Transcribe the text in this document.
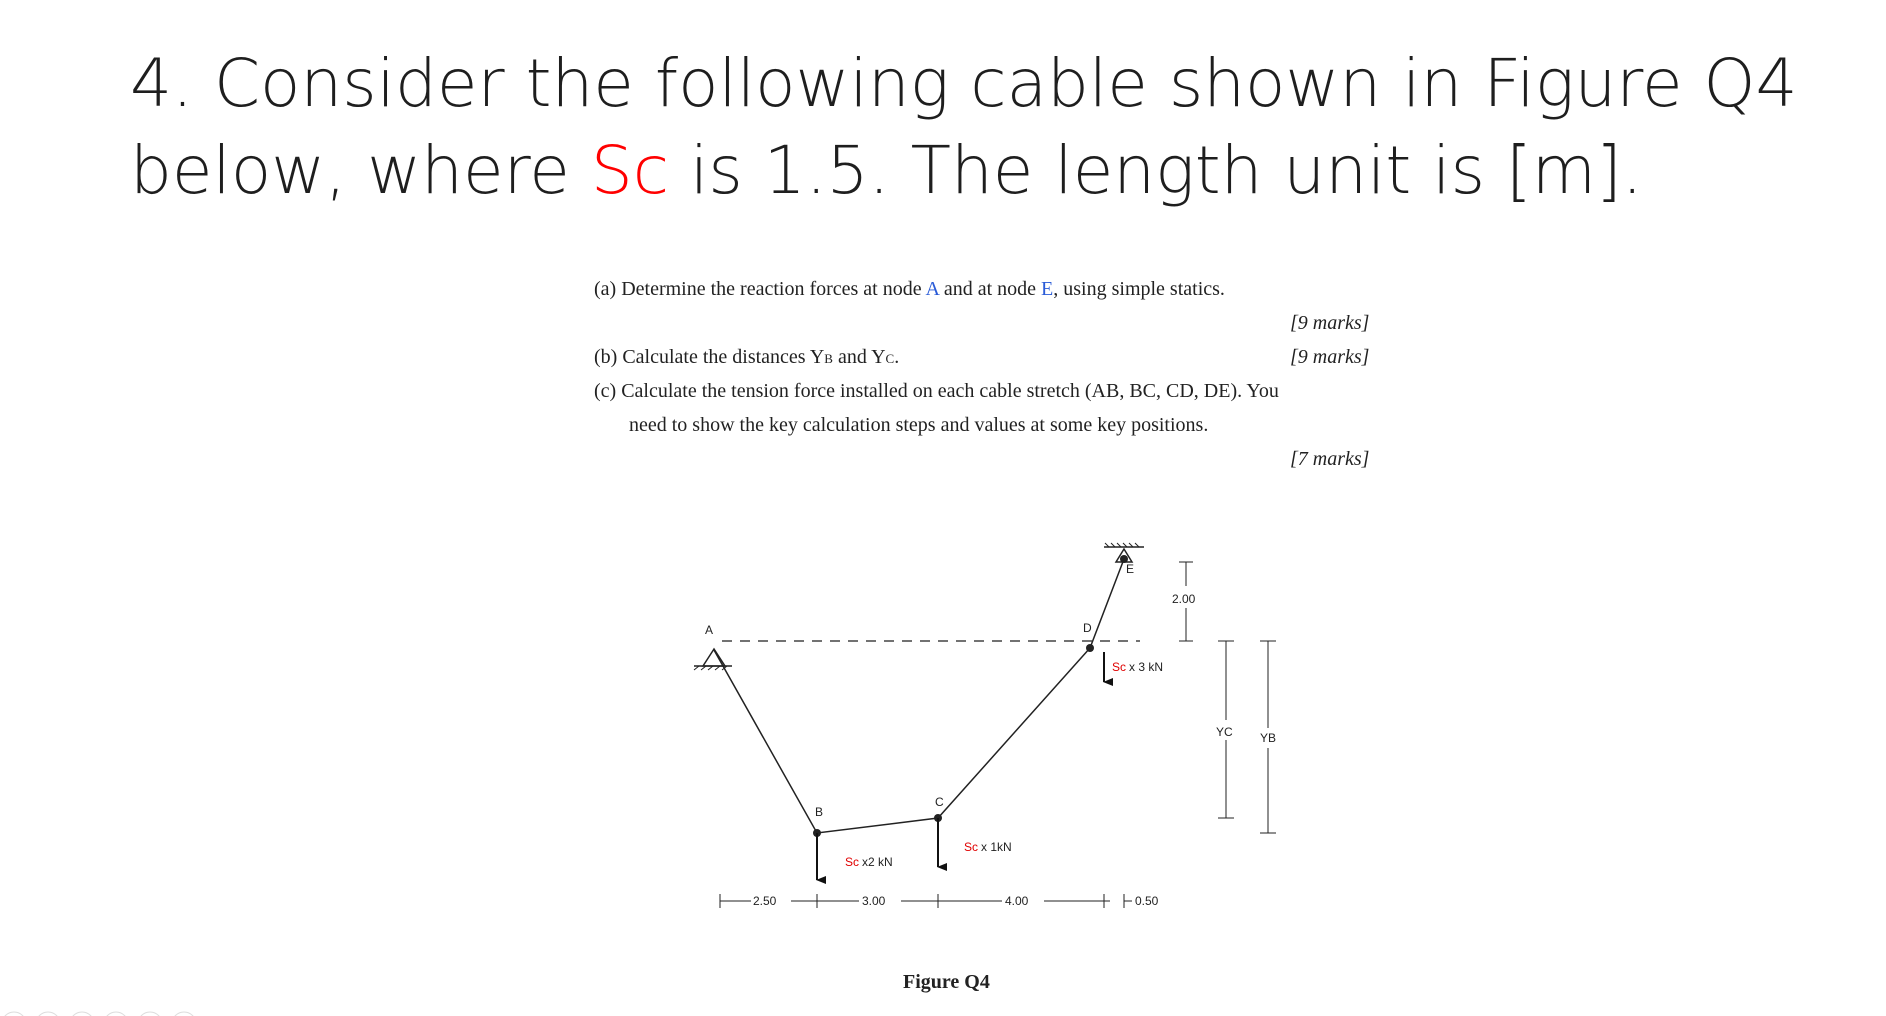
4. Consider the following cable shown in Figure Q4
below, where Sc is 1.5. The length unit is [m].
(a) Determine the reaction forces at node A and at node E, using simple statics.
[9 marks]
(b) Calculate the distances YB and YC.	[9 marks]
(c) Calculate the tension force installed on each cable stretch (AB, BC, CD, DE). You
need to show the key calculation steps and values at some key positions.
[7 marks]
A
E
B
C
D
Sc x2 kN
Sc x 1kN
Sc x 3 kN
2.50	3.00	4.00	0.50
2.00
YC YB
Figure Q4
